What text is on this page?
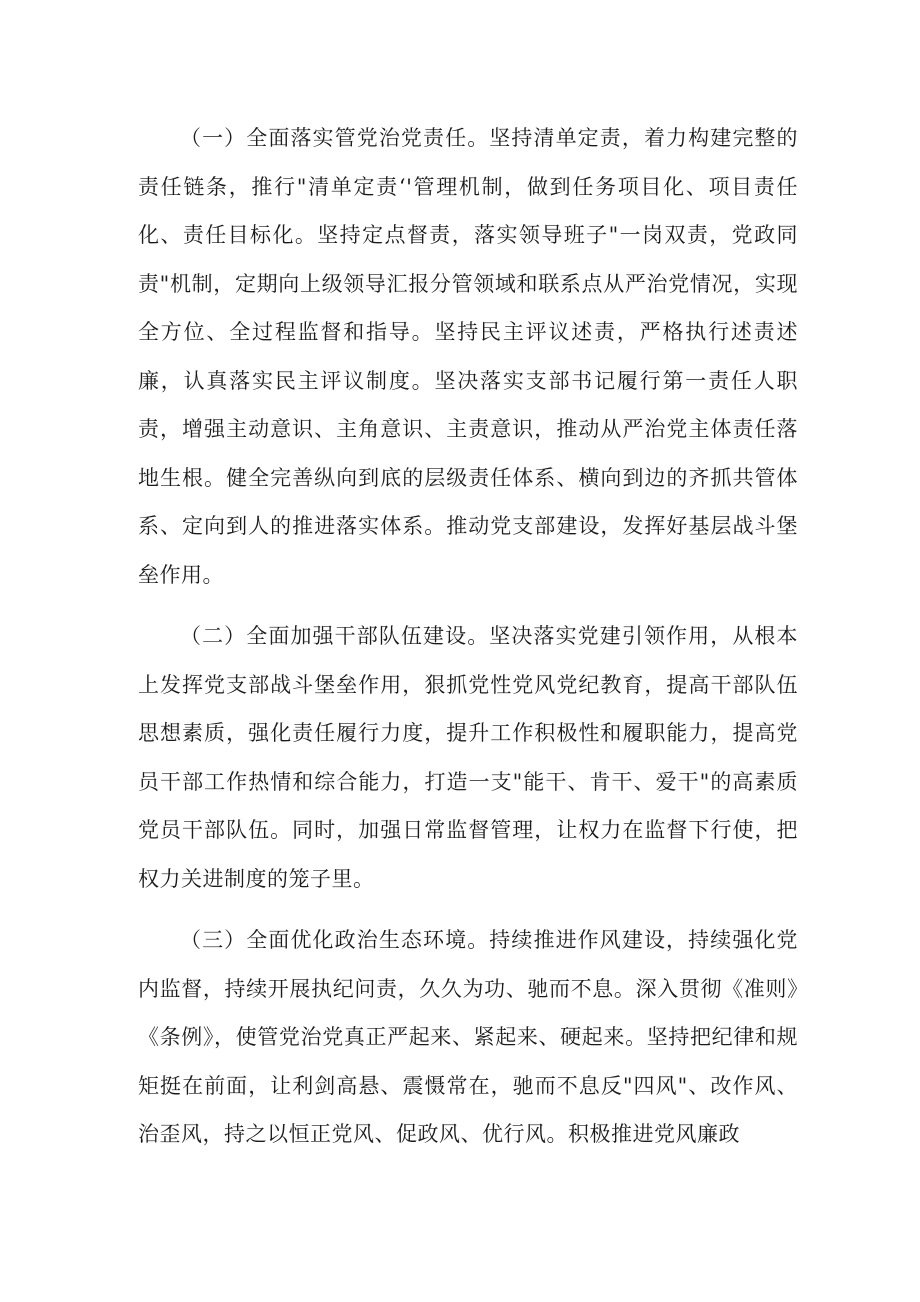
（一）全面落实管党治党责任。坚持清单定责，着力构建完整的责任链条，推行"清单定责‘'管理机制，做到任务项目化、项目责任化、责任目标化。坚持定点督责，落实领导班子"一岗双责，党政同责"机制，定期向上级领导汇报分管领域和联系点从严治党情况，实现全方位、全过程监督和指导。坚持民主评议述责，严格执行述责述廉，认真落实民主评议制度。坚决落实支部书记履行第一责任人职责，增强主动意识、主角意识、主责意识，推动从严治党主体责任落地生根。健全完善纵向到底的层级责任体系、横向到边的齐抓共管体系、定向到人的推进落实体系。推动党支部建设，发挥好基层战斗堡垒作用。

（二）全面加强干部队伍建设。坚决落实党建引领作用，从根本上发挥党支部战斗堡垒作用，狠抓党性党风党纪教育，提高干部队伍思想素质，强化责任履行力度，提升工作积极性和履职能力，提高党员干部工作热情和综合能力，打造一支"能干、肯干、爱干"的高素质党员干部队伍。同时，加强日常监督管理，让权力在监督下行使，把权力关进制度的笼子里。

（三）全面优化政治生态环境。持续推进作风建设，持续强化党内监督，持续开展执纪问责，久久为功、驰而不息。深入贯彻《准则》《条例》，使管党治党真正严起来、紧起来、硬起来。坚持把纪律和规矩挺在前面，让利剑高悬、震慑常在，驰而不息反"四风"、改作风、治歪风，持之以恒正党风、促政风、优行风。积极推进党风廉政
